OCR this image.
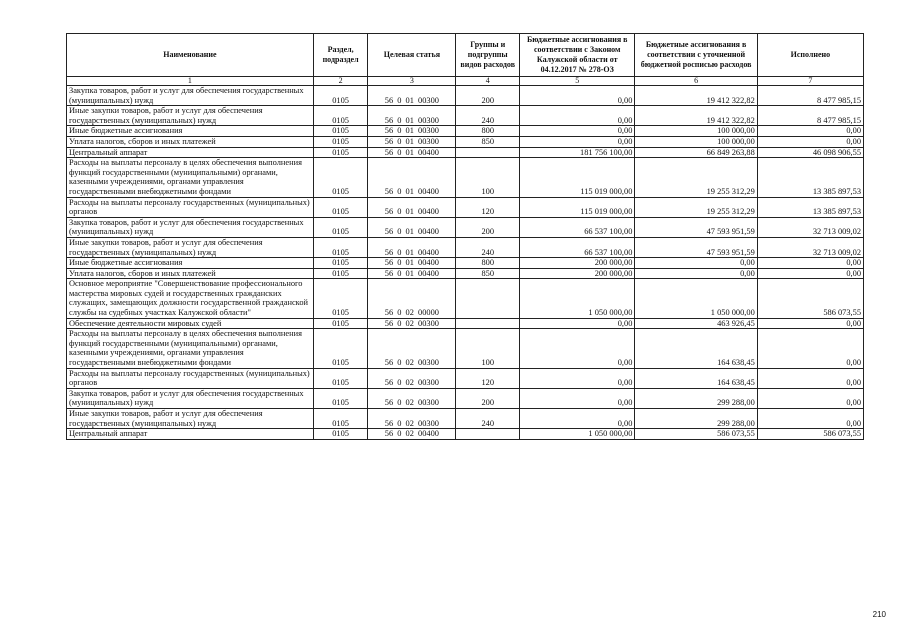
Наименование	Раздел, подраздел	Целевая статья	Группы и подгруппы видов расходов	Бюджетные ассигнования в соответствии с Законом Калужской области от 04.12.2017 № 278-ОЗ	Бюджетные ассигнования в соответствии с уточненной бюджетной росписью расходов	Исполнено
1	2	3	4	5	6	7
Закупка товаров, работ и услуг для обеспечения государственных (муниципальных) нужд	0105	56 0 01 00300	200	0,00	19 412 322,82	8 477 985,15
Иные закупки товаров, работ и услуг для обеспечения государственных (муниципальных) нужд	0105	56 0 01 00300	240	0,00	19 412 322,82	8 477 985,15
Иные бюджетные ассигнования	0105	56 0 01 00300	800	0,00	100 000,00	0,00
Уплата налогов, сборов и иных платежей	0105	56 0 01 00300	850	0,00	100 000,00	0,00
Центральный аппарат	0105	56 0 01 00400		181 756 100,00	66 849 263,88	46 098 906,55
Расходы на выплаты персоналу в целях обеспечения выполнения функций государственными (муниципальными) органами, казенными учреждениями, органами управления государственными внебюджетными фондами	0105	56 0 01 00400	100	115 019 000,00	19 255 312,29	13 385 897,53
Расходы на выплаты персоналу государственных (муниципальных) органов	0105	56 0 01 00400	120	115 019 000,00	19 255 312,29	13 385 897,53
Закупка товаров, работ и услуг для обеспечения государственных (муниципальных) нужд	0105	56 0 01 00400	200	66 537 100,00	47 593 951,59	32 713 009,02
Иные закупки товаров, работ и услуг для обеспечения государственных (муниципальных) нужд	0105	56 0 01 00400	240	66 537 100,00	47 593 951,59	32 713 009,02
Иные бюджетные ассигнования	0105	56 0 01 00400	800	200 000,00	0,00	0,00
Уплата налогов, сборов и иных платежей	0105	56 0 01 00400	850	200 000,00	0,00	0,00
Основное мероприятие "Совершенствование профессионального мастерства мировых судей и государственных гражданских служащих, замещающих должности государственной гражданской службы на судебных участках Калужской области"	0105	56 0 02 00000		1 050 000,00	1 050 000,00	586 073,55
Обеспечение деятельности мировых судей	0105	56 0 02 00300		0,00	463 926,45	0,00
Расходы на выплаты персоналу в целях обеспечения выполнения функций государственными (муниципальными) органами, казенными учреждениями, органами управления государственными внебюджетными фондами	0105	56 0 02 00300	100	0,00	164 638,45	0,00
Расходы на выплаты персоналу государственных (муниципальных) органов	0105	56 0 02 00300	120	0,00	164 638,45	0,00
Закупка товаров, работ и услуг для обеспечения государственных (муниципальных) нужд	0105	56 0 02 00300	200	0,00	299 288,00	0,00
Иные закупки товаров, работ и услуг для обеспечения государственных (муниципальных) нужд	0105	56 0 02 00300	240	0,00	299 288,00	0,00
Центральный аппарат	0105	56 0 02 00400		1 050 000,00	586 073,55	586 073,55
210
